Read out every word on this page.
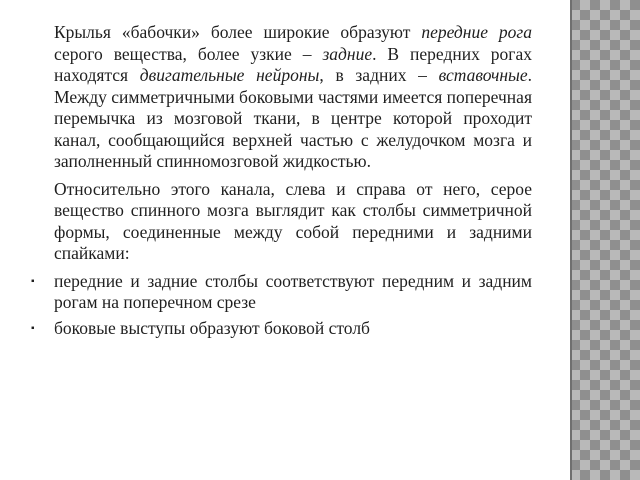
Крылья «бабочки» более широкие образуют передние рога серого вещества, более узкие – задние. В передних рогах находятся двигательные нейроны, в задних – вставочные. Между симметричными боковыми частями имеется поперечная перемычка из мозговой ткани, в центре которой проходит канал, сообщающийся верхней частью с желудочком мозга и заполненный спинномозговой жидкостью.

Относительно этого канала, слева и справа от него, серое вещество спинного мозга выглядит как столбы симметричной формы, соединенные между собой передними и задними спайками:

▪ передние и задние столбы соответствуют передним и задним рогам на поперечном срезе
▪ боковые выступы образуют боковой столб
